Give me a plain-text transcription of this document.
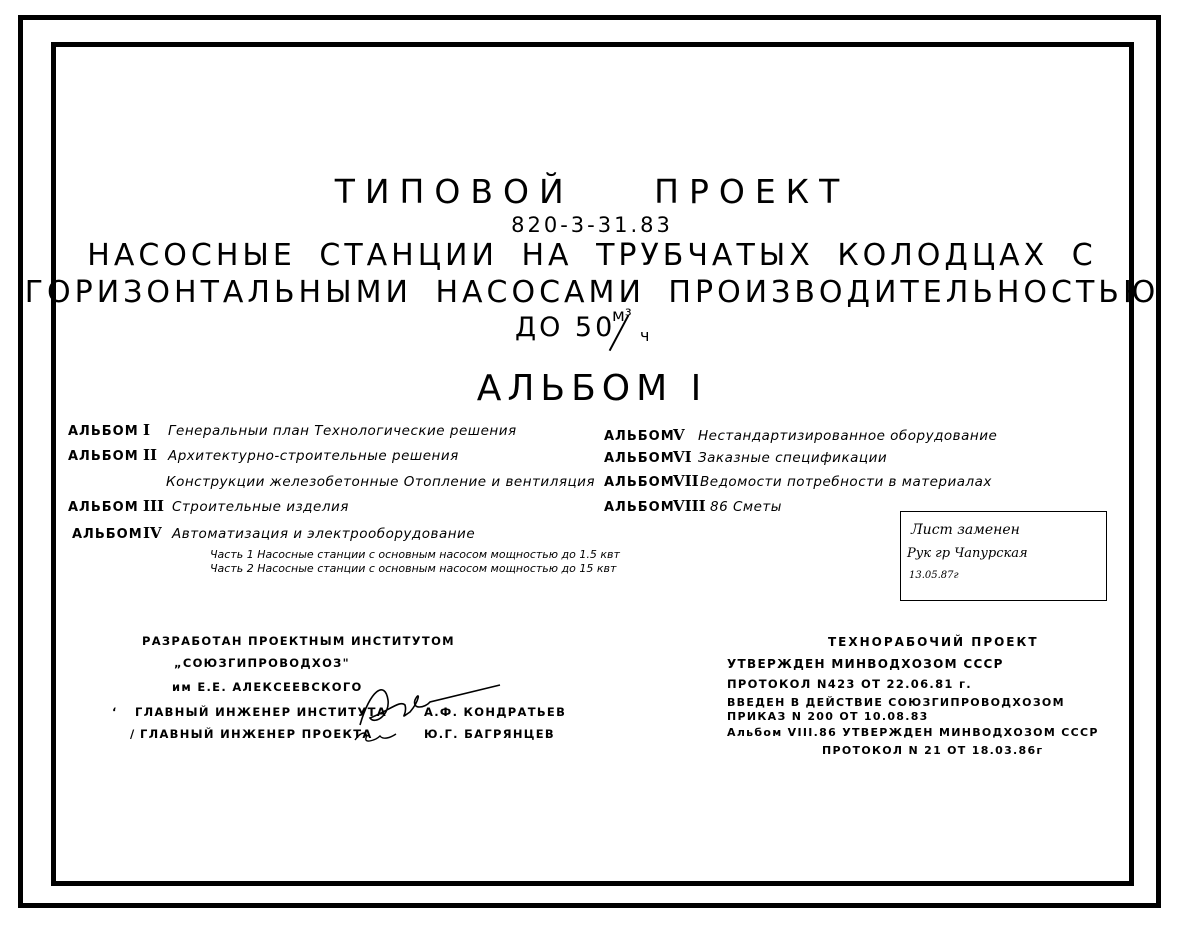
ТИПОВОЙ ПРОЕКТ
820-3-31.83
НАСОСНЫЕ СТАНЦИИ НА ТРУБЧАТЫХ КОЛОДЦАХ С
ГОРИЗОНТАЛЬНЫМИ НАСОСАМИ ПРОИЗВОДИТЕЛЬНОСТЬЮ
ДО 50
м³
ч
АЛЬБОМ I
АЛЬБОМ I Генеральныи план Технологические решения
АЛЬБОМ II Архитектурно-строительные решения
Конструкции железобетонные Отопление и вентиляция
АЛЬБОМ III Строительные изделия
АЛЬБОМ IV Автоматизация и электрооборудование
Часть 1 Насосные станции с основным насосом мощностью до 1.5 квт
Часть 2 Насосные станции с основным насосом мощностью до 15 квт
АЛЬБОМ
V Нестандартизированное оборудование
АЛЬБОМ
VI Заказные спецификации
АЛЬБОМ
VII Ведомости потребности в материалах
АЛЬБОМ
VIII 86 Сметы
Лист заменен
Рук гр Чапурская
13.05.87г
РАЗРАБОТАН ПРОЕКТНЫМ ИНСТИТУТОМ
„СОЮЗГИПРОВОДХОЗ"
им Е.Е. АЛЕКСЕЕВСКОГО
‘ ГЛАВНЫЙ ИНЖЕНЕР ИНСТИТУТА	А.Ф. КОНДРАТЬЕВ
/ ГЛАВНЫЙ ИНЖЕНЕР ПРОЕКТА	Ю.Г. БАГРЯНЦЕВ
ТЕХНОРАБОЧИЙ ПРОЕКТ
УТВЕРЖДЕН МИНВОДХОЗОМ СССР
ПРОТОКОЛ N423 ОТ 22.06.81 г.
ВВЕДЕН В ДЕЙСТВИЕ СОЮЗГИПРОВОДХОЗОМ
ПРИКАЗ N 200 ОТ 10.08.83
Альбом VIII.86 УТВЕРЖДЕН МИНВОДХОЗОМ СССР
ПРОТОКОЛ N 21 ОТ 18.03.86г
